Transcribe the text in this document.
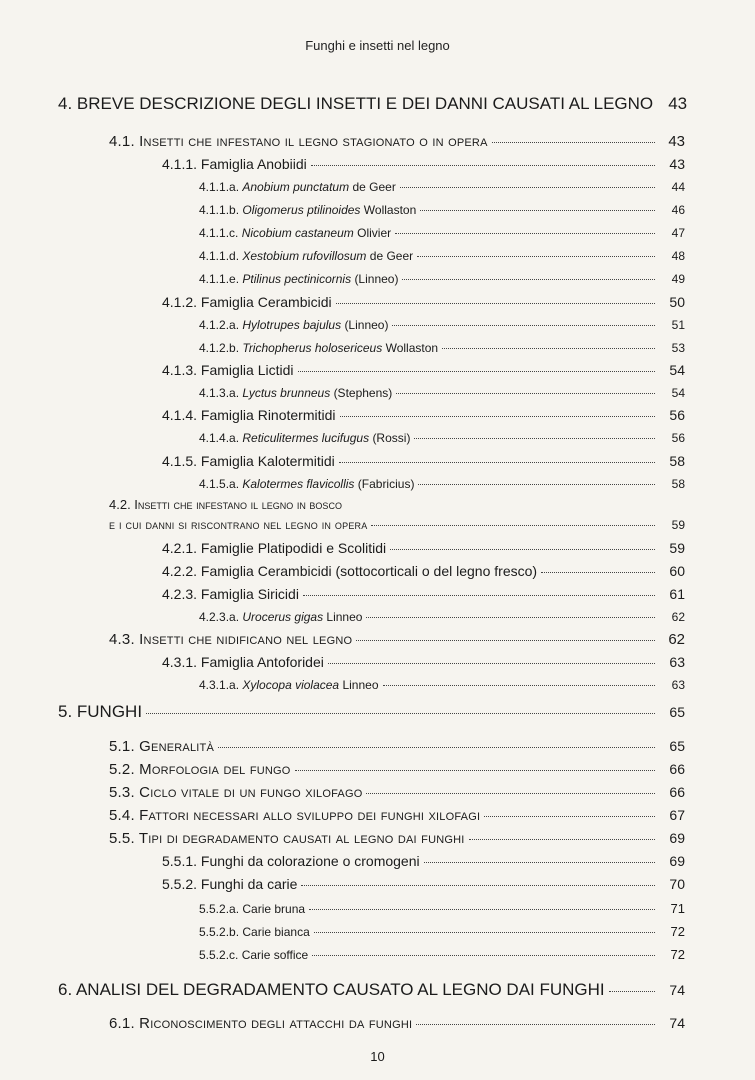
Funghi e insetti nel legno
4. BREVE DESCRIZIONE DEGLI INSETTI E DEI DANNI CAUSATI AL LEGNO 43
4.1. Insetti che infestano il legno stagionato o in opera	43
4.1.1. Famiglia Anobiidi	43
4.1.1.a. Anobium punctatum de Geer	44
4.1.1.b. Oligomerus ptilinoides Wollaston	46
4.1.1.c. Nicobium castaneum Olivier	47
4.1.1.d. Xestobium rufovillosum de Geer	48
4.1.1.e. Ptilinus pectinicornis (Linneo)	49
4.1.2. Famiglia Cerambicidi	50
4.1.2.a. Hylotrupes bajulus (Linneo)	51
4.1.2.b. Trichopherus holosericeus Wollaston	53
4.1.3. Famiglia Lictidi	54
4.1.3.a. Lyctus brunneus (Stephens)	54
4.1.4. Famiglia Rinotermitidi	56
4.1.4.a. Reticulitermes lucifugus (Rossi)	56
4.1.5. Famiglia Kalotermitidi	58
4.1.5.a. Kalotermes flavicollis (Fabricius)	58
4.2. Insetti che infestano il legno in bosco
e i cui danni si riscontrano nel legno in opera	59
4.2.1. Famiglie Platipodidi e Scolitidi	59
4.2.2. Famiglia Cerambicidi (sottocorticali o del legno fresco)	60
4.2.3. Famiglia Siricidi	61
4.2.3.a. Urocerus gigas Linneo	62
4.3. Insetti che nidificano nel legno	62
4.3.1. Famiglia Antoforidei	63
4.3.1.a. Xylocopa violacea Linneo	63
5. FUNGHI	65
5.1. Generalità	65
5.2. Morfologia del fungo	66
5.3. Ciclo vitale di un fungo xilofago	66
5.4. Fattori necessari allo sviluppo dei funghi xilofagi	67
5.5. Tipi di degradamento causati al legno dai funghi	69
5.5.1. Funghi da colorazione o cromogeni	69
5.5.2. Funghi da carie	70
5.5.2.a. Carie bruna	71
5.5.2.b. Carie bianca	72
5.5.2.c. Carie soffice	72
6. ANALISI DEL DEGRADAMENTO CAUSATO AL LEGNO DAI FUNGHI	74
6.1. Riconoscimento degli attacchi da funghi	74
10
